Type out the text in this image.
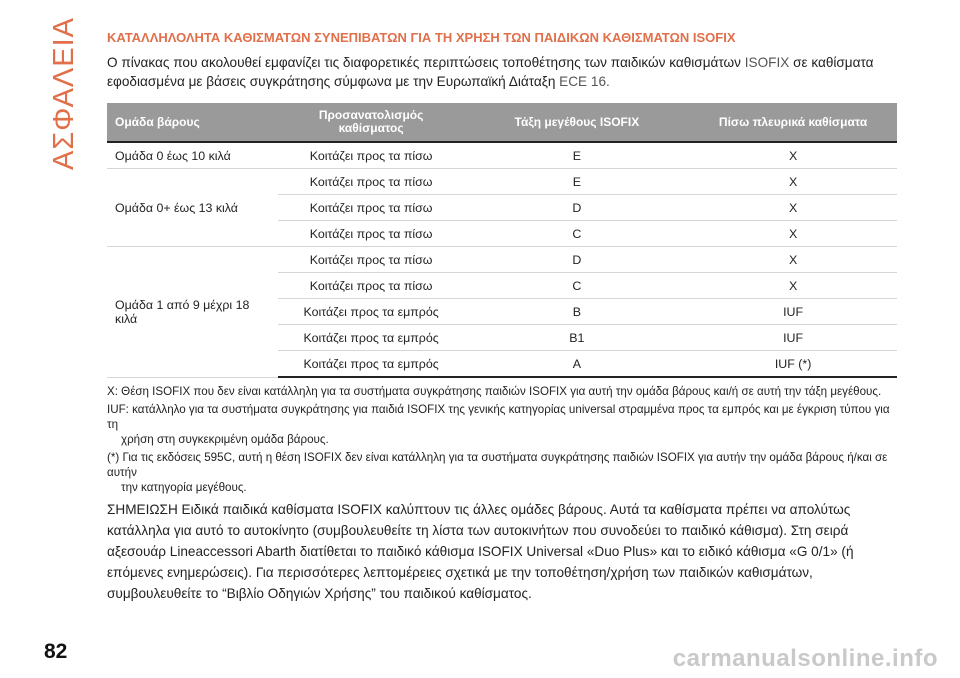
ΑΣΦΑΛΕΙΑ
82
ΚΑΤΑΛΛΗΛΟΛΗΤΑ ΚΑΘΙΣΜΑΤΩΝ ΣΥΝΕΠΙΒΑΤΩΝ ΓΙΑ ΤΗ ΧΡΗΣΗ ΤΩΝ ΠΑΙΔΙΚΩΝ ΚΑΘΙΣΜΑΤΩΝ ISOFIX

Ο πίνακας που ακολουθεί εμφανίζει τις διαφορετικές περιπτώσεις τοποθέτησης των παιδικών καθισμάτων ISOFIX σε καθίσματα εφοδιασμένα με βάσεις συγκράτησης σύμφωνα με την Ευρωπαϊκή Διάταξη ECE 16.

Ομάδα βάρους	Προσανατολισμός καθίσματος	Τάξη μεγέθους ISOFIX	Πίσω πλευρικά καθίσματα
Ομάδα 0 έως 10 κιλά	Κοιτάζει προς τα πίσω	E	X
Ομάδα 0+ έως 13 κιλά	Κοιτάζει προς τα πίσω	E	X
	Κοιτάζει προς τα πίσω	D	X
	Κοιτάζει προς τα πίσω	C	X
Ομάδα 1 από 9 μέχρι 18 κιλά	Κοιτάζει προς τα πίσω	D	X
	Κοιτάζει προς τα πίσω	C	X
	Κοιτάζει προς τα εμπρός	B	IUF
	Κοιτάζει προς τα εμπρός	B1	IUF
	Κοιτάζει προς τα εμπρός	A	IUF (*)

X: Θέση ISOFIX που δεν είναι κατάλληλη για τα συστήματα συγκράτησης παιδιών ISOFIX για αυτή την ομάδα βάρους και/ή σε αυτή την τάξη μεγέθους.

IUF: κατάλληλο για τα συστήματα συγκράτησης για παιδιά ISOFIX της γενικής κατηγορίας universal στραμμένα προς τα εμπρός και με έγκριση τύπου για τη
χρήση στη συγκεκριμένη ομάδα βάρους.

(*) Για τις εκδόσεις 595C, αυτή η θέση ISOFIX δεν είναι κατάλληλη για τα συστήματα συγκράτησης παιδιών ISOFIX για αυτήν την ομάδα βάρους ή/και σε αυτήν
την κατηγορία μεγέθους.

ΣΗΜΕΙΩΣΗ Ειδικά παιδικά καθίσματα ISOFIX καλύπτουν τις άλλες ομάδες βάρους. Αυτά τα καθίσματα πρέπει να απολύτως κατάλληλα για αυτό το αυτοκίνητο (συμβουλευθείτε τη λίστα των αυτοκινήτων που συνοδεύει το παιδικό κάθισμα). Στη σειρά αξεσουάρ Lineaccessori Abarth διατίθεται το παιδικό κάθισμα ISOFIX Universal «Duo Plus» και το ειδικό κάθισμα «G 0/1» (ή επόμενες ενημερώσεις). Για περισσότερες λεπτομέρειες σχετικά με την τοποθέτηση/χρήση των παιδικών καθισμάτων, συμβουλευθείτε το “Βιβλίο Οδηγιών Χρήσης” του παιδικού καθίσματος.
carmanualsonline.info
